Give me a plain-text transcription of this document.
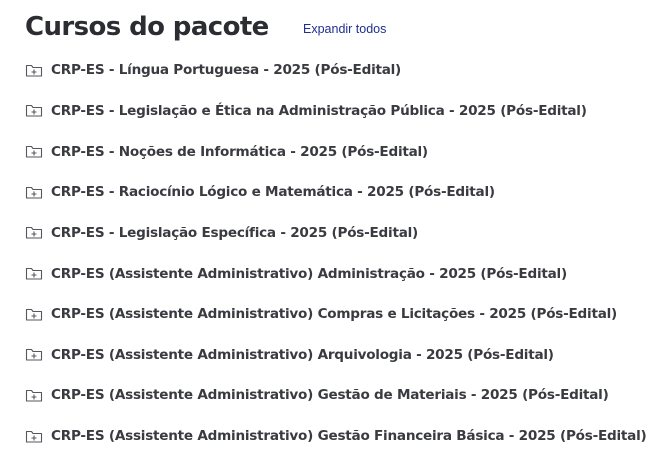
Cursos do pacote	Expandir todos
CRP-ES - Língua Portuguesa - 2025 (Pós-Edital)
CRP-ES - Legislação e Ética na Administração Pública - 2025 (Pós-Edital)
CRP-ES - Noções de Informática - 2025 (Pós-Edital)
CRP-ES - Raciocínio Lógico e Matemática - 2025 (Pós-Edital)
CRP-ES - Legislação Específica - 2025 (Pós-Edital)
CRP-ES (Assistente Administrativo) Administração - 2025 (Pós-Edital)
CRP-ES (Assistente Administrativo) Compras e Licitações - 2025 (Pós-Edital)
CRP-ES (Assistente Administrativo) Arquivologia - 2025 (Pós-Edital)
CRP-ES (Assistente Administrativo) Gestão de Materiais - 2025 (Pós-Edital)
CRP-ES (Assistente Administrativo) Gestão Financeira Básica - 2025 (Pós-Edital)
